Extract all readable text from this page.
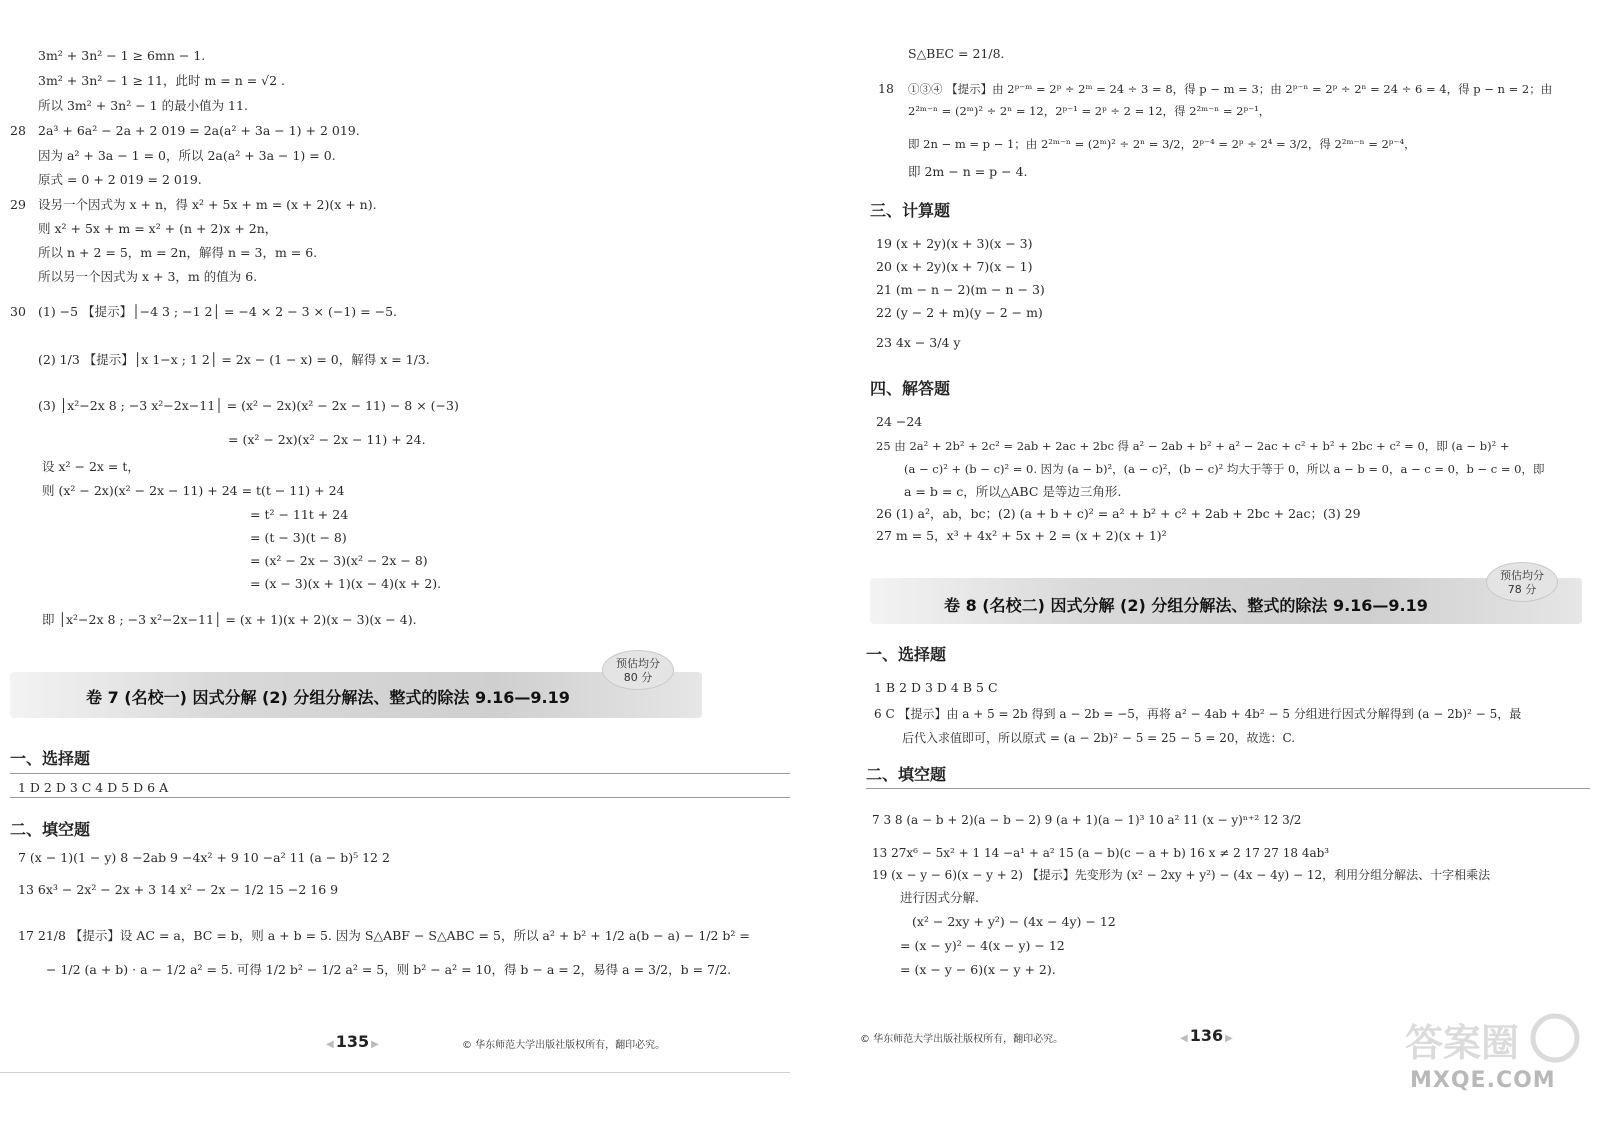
3m² + 3n² − 1 ≥ 6mn − 1.
3m² + 3n² − 1 ≥ 11，此时 m = n = √2 .
所以 3m² + 3n² − 1 的最小值为 11.
28 2a³ + 6a² − 2a + 2 019 = 2a(a² + 3a − 1) + 2 019.
因为 a² + 3a − 1 = 0，所以 2a(a² + 3a − 1) = 0.
原式 = 0 + 2 019 = 2 019.
29 设另一个因式为 x + n，得 x² + 5x + m = (x + 2)(x + n).
则 x² + 5x + m = x² + (n + 2)x + 2n，
所以 n + 2 = 5，m = 2n，解得 n = 3，m = 6.
所以另一个因式为 x + 3，m 的值为 6.
30 (1) −5 【提示】│−4 3 ; −1 2│ = −4 × 2 − 3 × (−1) = −5.
(2) 1/3 【提示】│x 1−x ; 1 2│ = 2x − (1 − x) = 0，解得 x = 1/3.
(3) │x²−2x 8 ; −3 x²−2x−11│ = (x² − 2x)(x² − 2x − 11) − 8 × (−3)
= (x² − 2x)(x² − 2x − 11) + 24.
设 x² − 2x = t，
则 (x² − 2x)(x² − 2x − 11) + 24 = t(t − 11) + 24
= t² − 11t + 24
= (t − 3)(t − 8)
= (x² − 2x − 3)(x² − 2x − 8)
= (x − 3)(x + 1)(x − 4)(x + 2).
即 │x²−2x 8 ; −3 x²−2x−11│ = (x + 1)(x + 2)(x − 3)(x − 4).
卷 7 (名校一) 因式分解 (2) 分组分解法、整式的除法 9.16—9.19
预估均分
80 分
一、选择题
1 D 2 D 3 C 4 D 5 D 6 A
二、填空题
7 (x − 1)(1 − y) 8 −2ab 9 −4x² + 9 10 −a² 11 (a − b)⁵ 12 2
13 6x³ − 2x² − 2x + 3 14 x² − 2x − 1/2 15 −2 16 9
17 21/8 【提示】设 AC = a，BC = b，则 a + b = 5. 因为 S△ABF − S△ABC = 5，所以 a² + b² + 1/2 a(b − a) − 1/2 b² =
− 1/2 (a + b) · a − 1/2 a² = 5. 可得 1/2 b² − 1/2 a² = 5，则 b² − a² = 10，得 b − a = 2，易得 a = 3/2，b = 7/2.
◀ 135 ▶	© 华东师范大学出版社版权所有，翻印必究。
S△BEC = 21/8.
18 ①③④ 【提示】由 2ᵖ⁻ᵐ = 2ᵖ ÷ 2ᵐ = 24 ÷ 3 = 8，得 p − m = 3；由 2ᵖ⁻ⁿ = 2ᵖ ÷ 2ⁿ = 24 ÷ 6 = 4，得 p − n = 2；由
2²ᵐ⁻ⁿ = (2ᵐ)² ÷ 2ⁿ = 12，2ᵖ⁻¹ = 2ᵖ ÷ 2 = 12，得 2²ᵐ⁻ⁿ = 2ᵖ⁻¹，
即 2n − m = p − 1；由 2²ᵐ⁻ⁿ = (2ᵐ)² ÷ 2ⁿ = 3/2，2ᵖ⁻⁴ = 2ᵖ ÷ 2⁴ = 3/2，得 2²ᵐ⁻ⁿ = 2ᵖ⁻⁴，
即 2m − n = p − 4.
三、计算题
19 (x + 2y)(x + 3)(x − 3)
20 (x + 2y)(x + 7)(x − 1)
21 (m − n − 2)(m − n − 3)
22 (y − 2 + m)(y − 2 − m)
23 4x − 3/4 y
四、解答题
24 −24
25 由 2a² + 2b² + 2c² = 2ab + 2ac + 2bc 得 a² − 2ab + b² + a² − 2ac + c² + b² + 2bc + c² = 0，即 (a − b)² +
(a − c)² + (b − c)² = 0. 因为 (a − b)²，(a − c)²，(b − c)² 均大于等于 0，所以 a − b = 0，a − c = 0，b − c = 0，即
a = b = c，所以△ABC 是等边三角形.
26 (1) a²，ab，bc；(2) (a + b + c)² = a² + b² + c² + 2ab + 2bc + 2ac；(3) 29
27 m = 5，x³ + 4x² + 5x + 2 = (x + 2)(x + 1)²
卷 8 (名校二) 因式分解 (2) 分组分解法、整式的除法 9.16—9.19
预估均分
78 分
一、选择题
1 B 2 D 3 D 4 B 5 C
6 C 【提示】由 a + 5 = 2b 得到 a − 2b = −5，再将 a² − 4ab + 4b² − 5 分组进行因式分解得到 (a − 2b)² − 5，最
后代入求值即可，所以原式 = (a − 2b)² − 5 = 25 − 5 = 20，故选：C.
二、填空题
7 3 8 (a − b + 2)(a − b − 2) 9 (a + 1)(a − 1)³ 10 a² 11 (x − y)ⁿ⁺² 12 3/2
13 27x⁶ − 5x² + 1 14 −a¹ + a² 15 (a − b)(c − a + b) 16 x ≠ 2 17 27 18 4ab³
19 (x − y − 6)(x − y + 2) 【提示】先变形为 (x² − 2xy + y²) − (4x − 4y) − 12，利用分组分解法、十字相乘法
进行因式分解.
(x² − 2xy + y²) − (4x − 4y) − 12
= (x − y)² − 4(x − y) − 12
= (x − y − 6)(x − y + 2).
© 华东师范大学出版社版权所有，翻印必究。
◀	136 ▶	答案圈
MXQE.COM
